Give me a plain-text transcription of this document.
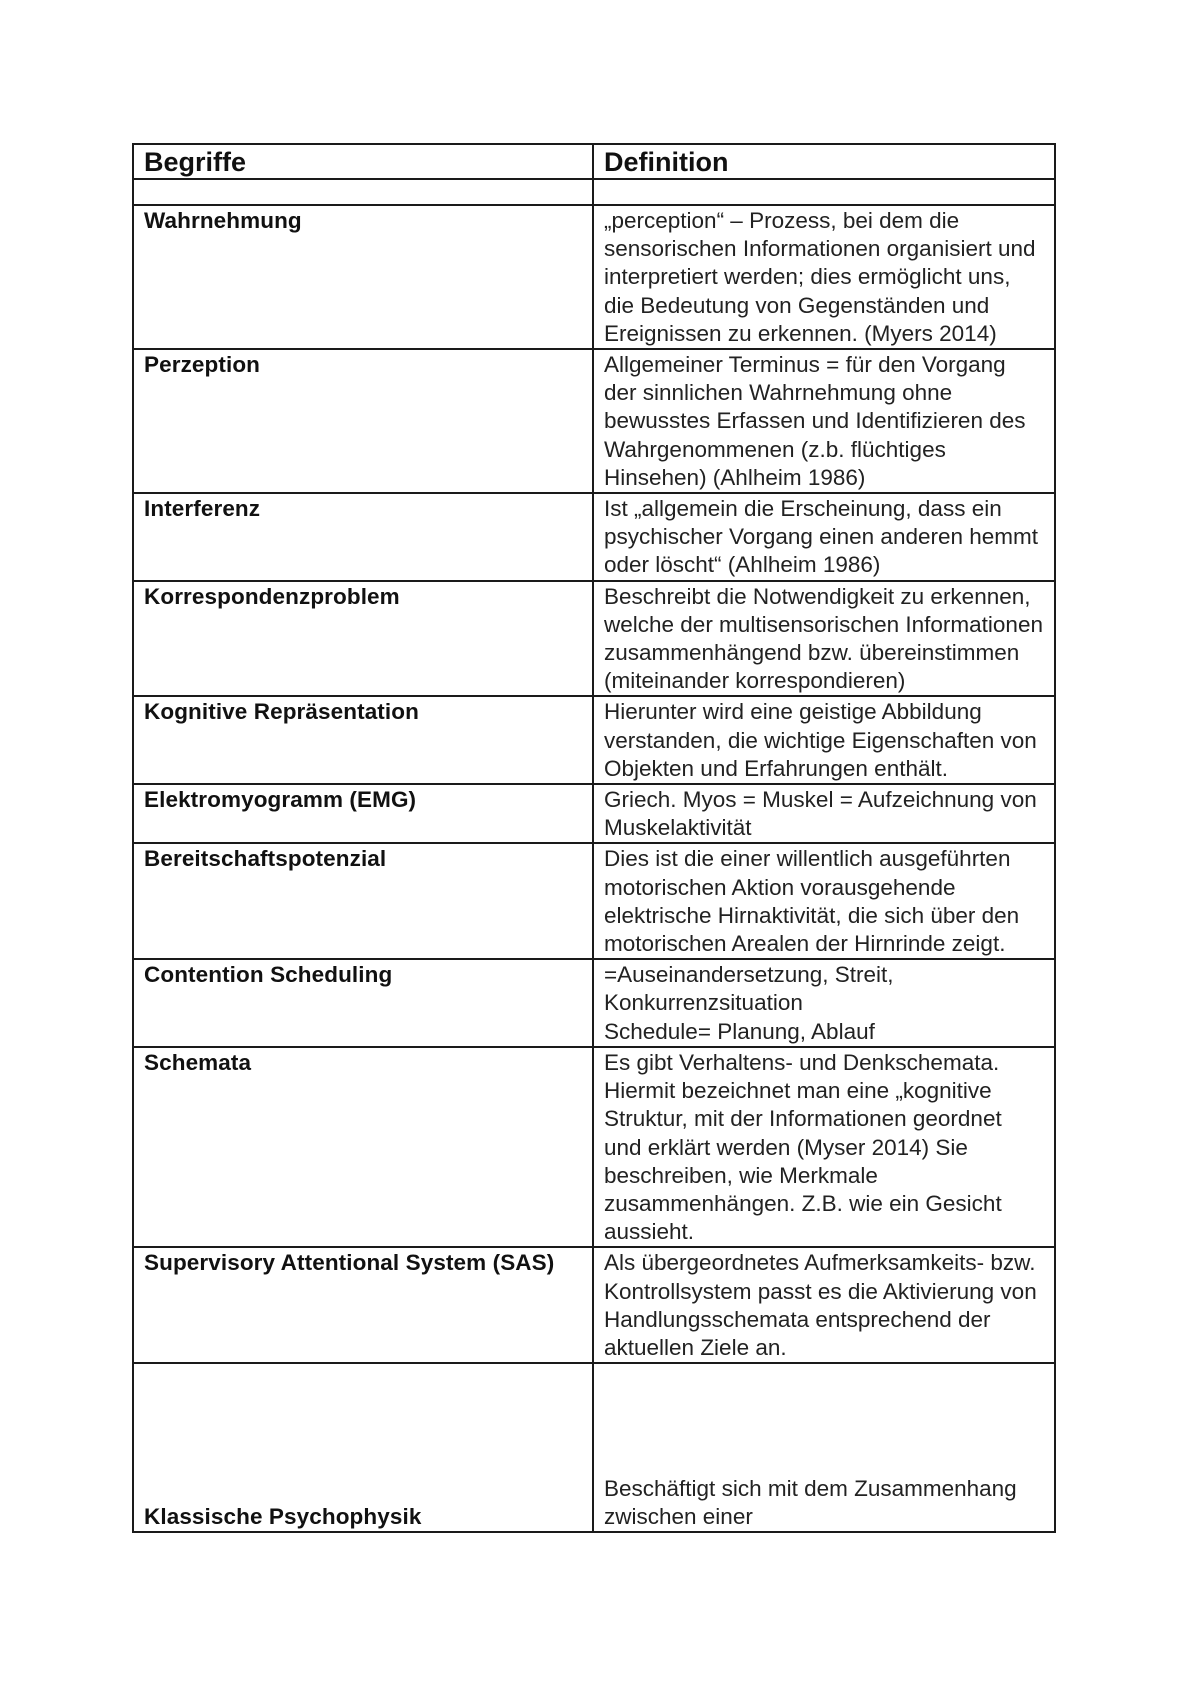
Begriffe	Definition

Wahrnehmung	„perception“ – Prozess, bei dem die sensorischen Informationen organisiert und interpretiert werden; dies ermöglicht uns, die Bedeutung von Gegenständen und Ereignissen zu erkennen. (Myers 2014)
Perzeption	Allgemeiner Terminus = für den Vorgang der sinnlichen Wahrnehmung ohne bewusstes Erfassen und Identifizieren des Wahrgenommenen (z.b. flüchtiges Hinsehen) (Ahlheim 1986)
Interferenz	Ist „allgemein die Erscheinung, dass ein psychischer Vorgang einen anderen hemmt oder löscht“ (Ahlheim 1986)
Korrespondenzproblem	Beschreibt die Notwendigkeit zu erkennen, welche der multisensorischen Informationen zusammenhängend bzw. übereinstimmen (miteinander korrespondieren)
Kognitive Repräsentation	Hierunter wird eine geistige Abbildung verstanden, die wichtige Eigenschaften von Objekten und Erfahrungen enthält.
Elektromyogramm (EMG)	Griech. Myos = Muskel = Aufzeichnung von Muskelaktivität
Bereitschaftspotenzial	Dies ist die einer willentlich ausgeführten motorischen Aktion vorausgehende elektrische Hirnaktivität, die sich über den motorischen Arealen der Hirnrinde zeigt.
Contention Scheduling	=Auseinandersetzung, Streit, Konkurrenzsituation
Schedule= Planung, Ablauf
Schemata	Es gibt Verhaltens- und Denkschemata. Hiermit bezeichnet man eine „kognitive Struktur, mit der Informationen geordnet und erklärt werden (Myser 2014) Sie beschreiben, wie Merkmale zusammenhängen. Z.B. wie ein Gesicht aussieht.
Supervisory Attentional System (SAS)	Als übergeordnetes Aufmerksamkeits- bzw. Kontrollsystem passt es die Aktivierung von Handlungsschemata entsprechend der aktuellen Ziele an.
Klassische Psychophysik	Beschäftigt sich mit dem Zusammenhang zwischen einer
